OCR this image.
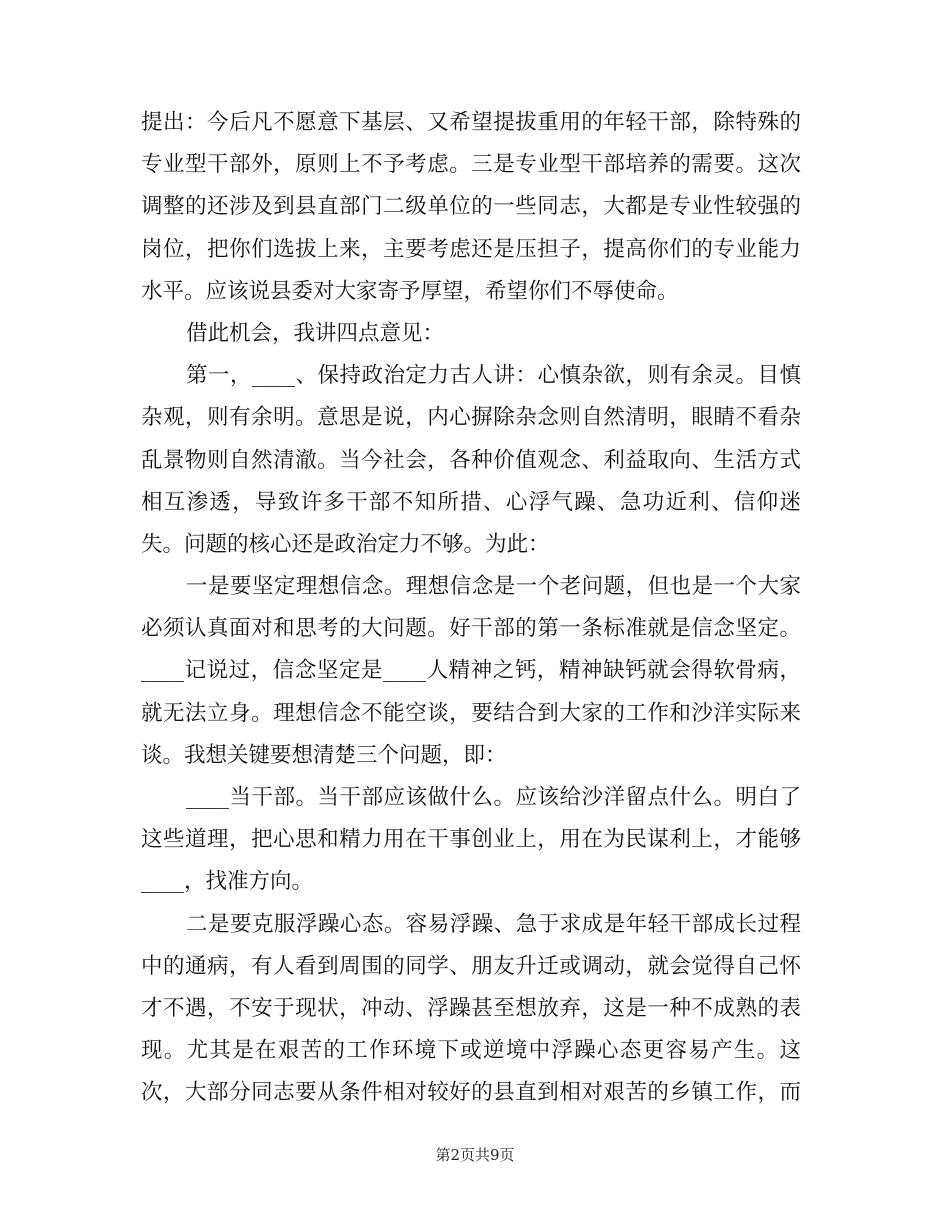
提出：今后凡不愿意下基层、又希望提拔重用的年轻干部，除特殊的
专业型干部外，原则上不予考虑。三是专业型干部培养的需要。这次
调整的还涉及到县直部门二级单位的一些同志，大都是专业性较强的
岗位，把你们选拔上来，主要考虑还是压担子，提高你们的专业能力
水平。应该说县委对大家寄予厚望，希望你们不辱使命。
借此机会，我讲四点意见：
第一，____、保持政治定力古人讲：心慎杂欲，则有余灵。目慎
杂观，则有余明。意思是说，内心摒除杂念则自然清明，眼睛不看杂
乱景物则自然清澈。当今社会，各种价值观念、利益取向、生活方式
相互渗透，导致许多干部不知所措、心浮气躁、急功近利、信仰迷
失。问题的核心还是政治定力不够。为此：
一是要坚定理想信念。理想信念是一个老问题，但也是一个大家
必须认真面对和思考的大问题。好干部的第一条标准就是信念坚定。
____记说过，信念坚定是____人精神之钙，精神缺钙就会得软骨病，
就无法立身。理想信念不能空谈，要结合到大家的工作和沙洋实际来
谈。我想关键要想清楚三个问题，即：
____当干部。当干部应该做什么。应该给沙洋留点什么。明白了
这些道理，把心思和精力用在干事创业上，用在为民谋利上，才能够
____，找准方向。
二是要克服浮躁心态。容易浮躁、急于求成是年轻干部成长过程
中的通病，有人看到周围的同学、朋友升迁或调动，就会觉得自己怀
才不遇，不安于现状，冲动、浮躁甚至想放弃，这是一种不成熟的表
现。尤其是在艰苦的工作环境下或逆境中浮躁心态更容易产生。这
次，大部分同志要从条件相对较好的县直到相对艰苦的乡镇工作，而
第2页共9页
